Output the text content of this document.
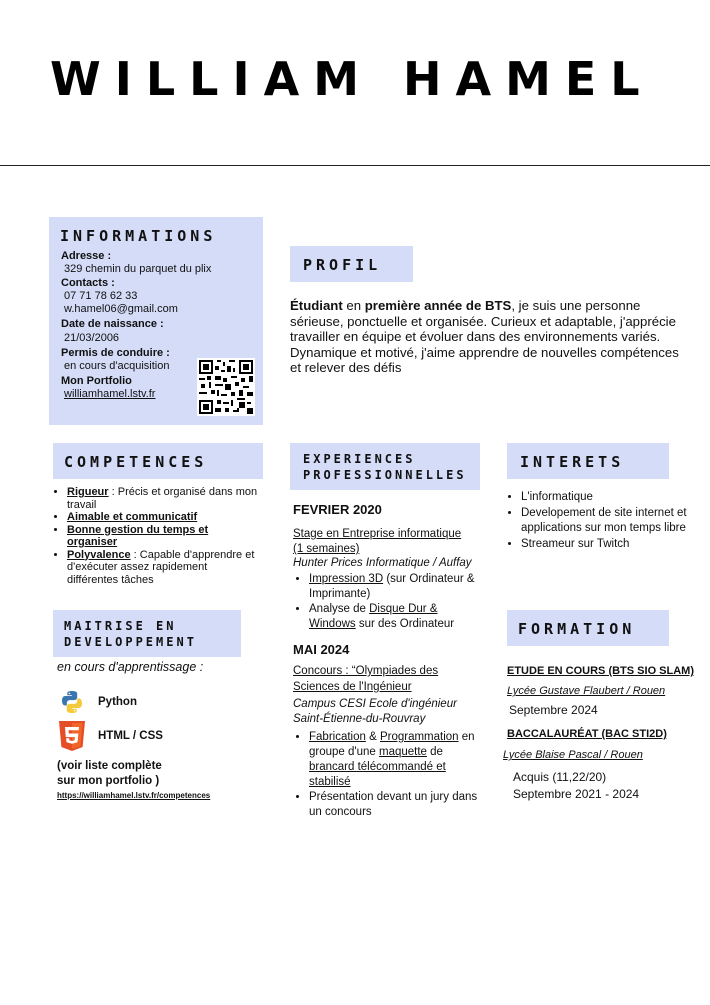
WILLIAM HAMEL
INFORMATIONS
Adresse :
329 chemin du parquet du plix
Contacts :
07 71 78 62 33
w.hamel06@gmail.com
Date de naissance :
21/03/2006
Permis de conduire :
en cours d'acquisition
Mon Portfolio
williamhamel.lstv.fr
PROFIL
Étudiant en première année de BTS, je suis une personne sérieuse, ponctuelle et organisée. Curieux et adaptable, j'apprécie travailler en équipe et évoluer dans des environnements variés. Dynamique et motivé, j'aime apprendre de nouvelles compétences et relever des défis
COMPETENCES
• Rigueur : Précis et organisé dans mon travail
• Aimable et communicatif
• Bonne gestion du temps et organiser
• Polyvalence : Capable d'apprendre et d'exécuter assez rapidement différentes tâches
MAITRISE EN
DEVELOPPEMENT
en cours d'apprentissage :
Python
HTML / CSS
(voir liste complète
sur mon portfolio )
https://williamhamel.lstv.fr/competences
EXPERIENCES
PROFESSIONNELLES
FEVRIER 2020
Stage en Entreprise informatique (1 semaines)
Hunter Prices Informatique / Auffay
• Impression 3D (sur Ordinateur & Imprimante)
• Analyse de Disque Dur & Windows sur des Ordinateur
MAI 2024
Concours : “Olympiades des Sciences de l'Ingénieur
Campus CESI Ecole d'ingénieur Saint-Étienne-du-Rouvray
• Fabrication & Programmation en groupe d'une maquette de brancard télécommandé et stabilisé
• Présentation devant un jury dans un concours
INTERETS
• L'informatique
• Developement de site internet et applications sur mon temps libre
• Streameur sur Twitch
FORMATION
ETUDE EN COURS (BTS SIO SLAM)
Lycée Gustave Flaubert / Rouen
Septembre 2024
BACCALAURÉAT (BAC STI2D)
Lycée Blaise Pascal / Rouen
Acquis (11,22/20)
Septembre 2021 - 2024
